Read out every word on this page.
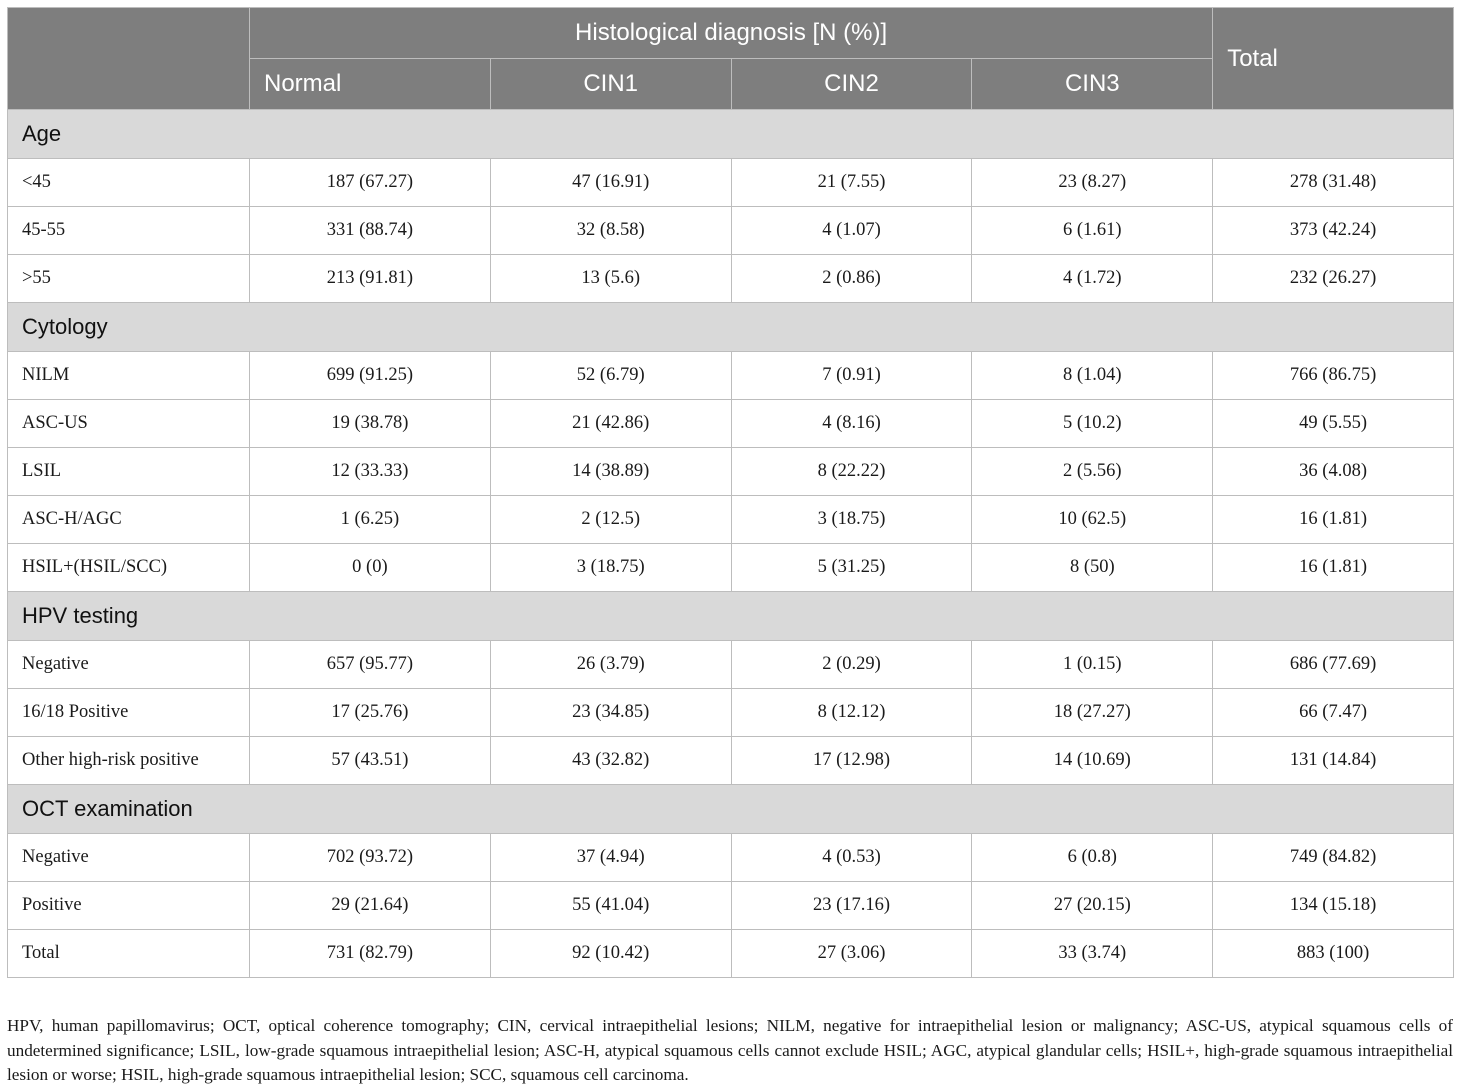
	Histological diagnosis [N (%)]				Total
	Normal	CIN1	CIN2	CIN3	
Age					
<45	187 (67.27)	47 (16.91)	21 (7.55)	23 (8.27)	278 (31.48)
45-55	331 (88.74)	32 (8.58)	4 (1.07)	6 (1.61)	373 (42.24)
>55	213 (91.81)	13 (5.6)	2 (0.86)	4 (1.72)	232 (26.27)
Cytology					
NILM	699 (91.25)	52 (6.79)	7 (0.91)	8 (1.04)	766 (86.75)
ASC-US	19 (38.78)	21 (42.86)	4 (8.16)	5 (10.2)	49 (5.55)
LSIL	12 (33.33)	14 (38.89)	8 (22.22)	2 (5.56)	36 (4.08)
ASC-H/AGC	1 (6.25)	2 (12.5)	3 (18.75)	10 (62.5)	16 (1.81)
HSIL+(HSIL/SCC)	0 (0)	3 (18.75)	5 (31.25)	8 (50)	16 (1.81)
HPV testing					
Negative	657 (95.77)	26 (3.79)	2 (0.29)	1 (0.15)	686 (77.69)
16/18 Positive	17 (25.76)	23 (34.85)	8 (12.12)	18 (27.27)	66 (7.47)
Other high-risk positive	57 (43.51)	43 (32.82)	17 (12.98)	14 (10.69)	131 (14.84)
OCT examination					
Negative	702 (93.72)	37 (4.94)	4 (0.53)	6 (0.8)	749 (84.82)
Positive	29 (21.64)	55 (41.04)	23 (17.16)	27 (20.15)	134 (15.18)
Total	731 (82.79)	92 (10.42)	27 (3.06)	33 (3.74)	883 (100)
HPV, human papillomavirus; OCT, optical coherence tomography; CIN, cervical intraepithelial lesions; NILM, negative for intraepithelial lesion or malignancy; ASC-US, atypical squamous cells of undetermined significance; LSIL, low-grade squamous intraepithelial lesion; ASC-H, atypical squamous cells cannot exclude HSIL; AGC, atypical glandular cells; HSIL+, high-grade squamous intraepithelial lesion or worse; HSIL, high-grade squamous intraepithelial lesion; SCC, squamous cell carcinoma.
